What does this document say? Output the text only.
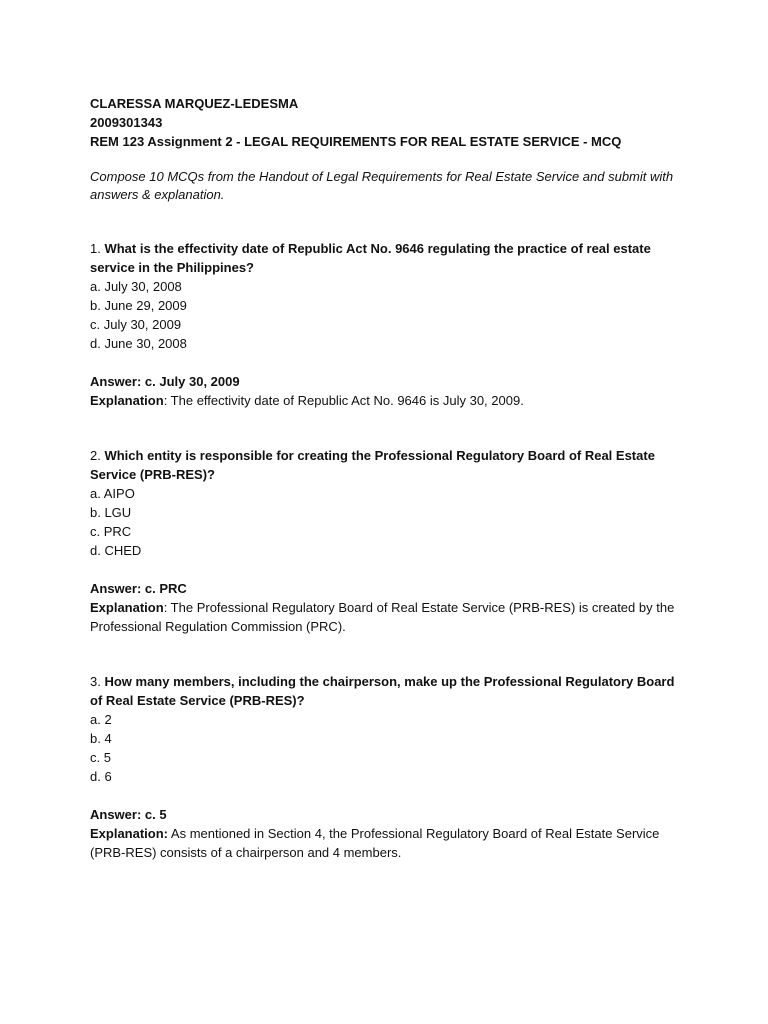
CLARESSA MARQUEZ-LEDESMA
2009301343
REM 123 Assignment 2 - LEGAL REQUIREMENTS FOR REAL ESTATE SERVICE - MCQ
Compose 10 MCQs from the Handout of Legal Requirements for Real Estate Service and submit with answers & explanation.
1. What is the effectivity date of Republic Act No. 9646 regulating the practice of real estate service in the Philippines?
a. July 30, 2008
b. June 29, 2009
c. July 30, 2009
d. June 30, 2008
Answer: c. July 30, 2009
Explanation: The effectivity date of Republic Act No. 9646 is July 30, 2009.
2. Which entity is responsible for creating the Professional Regulatory Board of Real Estate Service (PRB-RES)?
a. AIPO
b. LGU
c. PRC
d. CHED
Answer: c. PRC
Explanation: The Professional Regulatory Board of Real Estate Service (PRB-RES) is created by the Professional Regulation Commission (PRC).
3. How many members, including the chairperson, make up the Professional Regulatory Board of Real Estate Service (PRB-RES)?
a. 2
b. 4
c. 5
d. 6
Answer: c. 5
Explanation: As mentioned in Section 4, the Professional Regulatory Board of Real Estate Service (PRB-RES) consists of a chairperson and 4 members.
